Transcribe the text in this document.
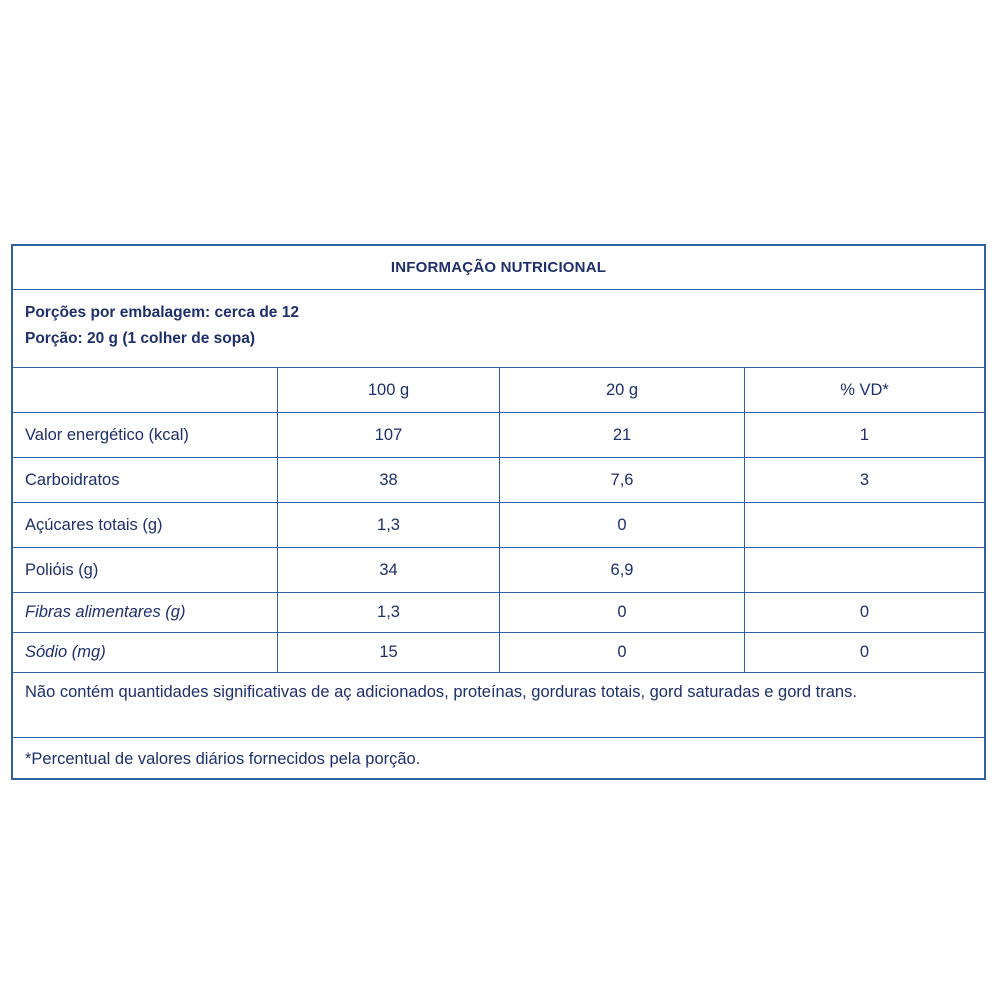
INFORMAÇÃO NUTRICIONAL
Porções por embalagem: cerca de 12
Porção: 20 g (1 colher de sopa)
100 g	20 g	% VD*
Valor energético (kcal)	107	21	1
Carboidratos	38	7,6	3
Açúcares totais (g)	1,3	0
Poliόis (g)	34	6,9
Fibras alimentares (g)	1,3	0	0
Sódio (mg)	15	0	0
Não contém quantidades significativas de aç adicionados, proteínas, gorduras totais, gord saturadas e gord trans.
*Percentual de valores diários fornecidos pela porção.
